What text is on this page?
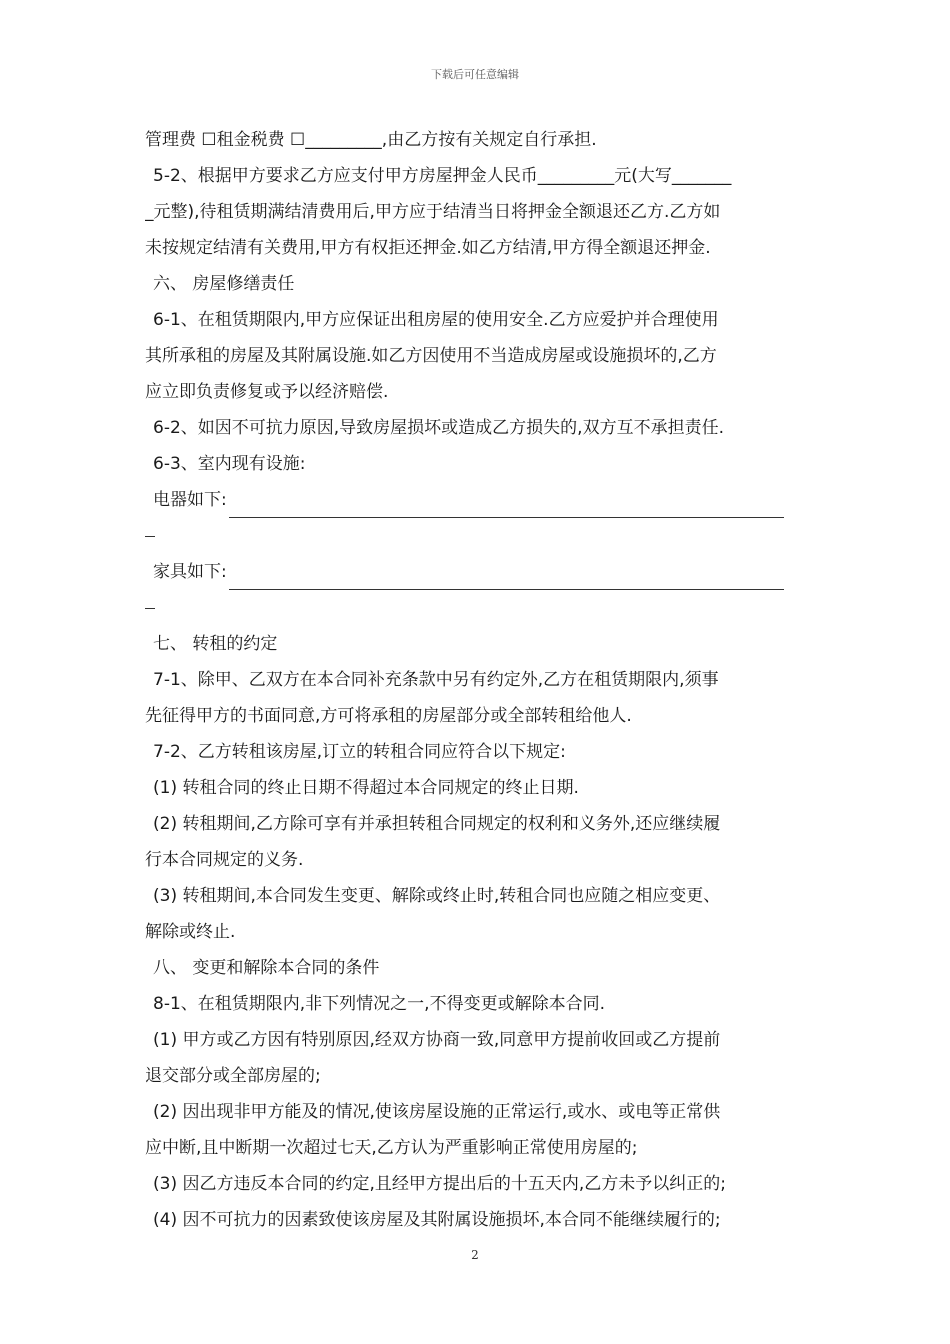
下载后可任意编辑
管理费 ☐租金税费 ☐_________,由乙方按有关规定自行承担.
5-2、根据甲方要求乙方应支付甲方房屋押金人民币_________元(大写_______
_元整),待租赁期满结清费用后,甲方应于结清当日将押金全额退还乙方.乙方如
未按规定结清有关费用,甲方有权拒还押金.如乙方结清,甲方得全额退还押金.
六、 房屋修缮责任
6-1、在租赁期限内,甲方应保证出租房屋的使用安全.乙方应爱护并合理使用
其所承租的房屋及其附属设施.如乙方因使用不当造成房屋或设施损坏的,乙方
应立即负责修复或予以经济赔偿.
6-2、如因不可抗力原因,导致房屋损坏或造成乙方损失的,双方互不承担责任.
6-3、室内现有设施:
电器如下:
家具如下:
七、 转租的约定
7-1、除甲、乙双方在本合同补充条款中另有约定外,乙方在租赁期限内,须事
先征得甲方的书面同意,方可将承租的房屋部分或全部转租给他人.
7-2、乙方转租该房屋,订立的转租合同应符合以下规定:
(1) 转租合同的终止日期不得超过本合同规定的终止日期.
(2) 转租期间,乙方除可享有并承担转租合同规定的权利和义务外,还应继续履
行本合同规定的义务.
(3) 转租期间,本合同发生变更、解除或终止时,转租合同也应随之相应变更、
解除或终止.
八、 变更和解除本合同的条件
8-1、在租赁期限内,非下列情况之一,不得变更或解除本合同.
(1) 甲方或乙方因有特别原因,经双方协商一致,同意甲方提前收回或乙方提前
退交部分或全部房屋的;
(2) 因出现非甲方能及的情况,使该房屋设施的正常运行,或水、或电等正常供
应中断,且中断期一次超过七天,乙方认为严重影响正常使用房屋的;
(3) 因乙方违反本合同的约定,且经甲方提出后的十五天内,乙方未予以纠正的;
(4) 因不可抗力的因素致使该房屋及其附属设施损坏,本合同不能继续履行的;
2
